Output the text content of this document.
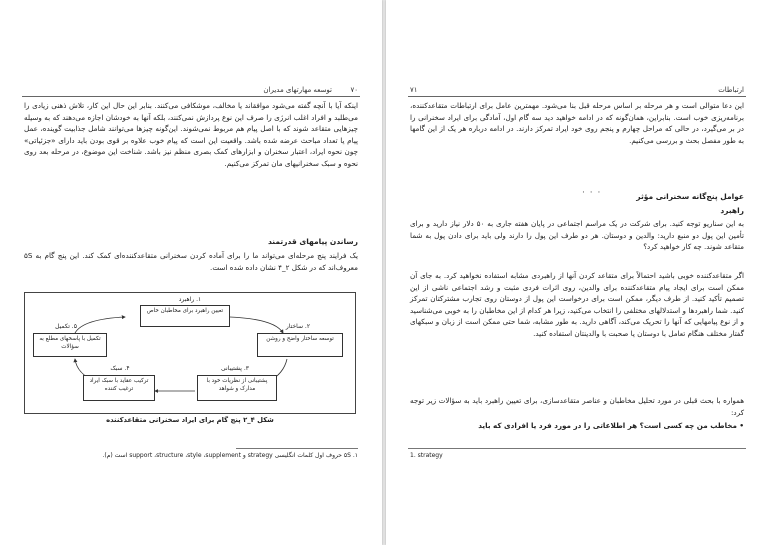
۷۰
توسعه مهارتهای مدیران
اینکه آیا با آنچه گفته می‌شود موافقاند یا مخالف، موشکافی می‌کنند. بنابر این حال این کار، تلاش ذهنی زیادی را می‌طلبد و افراد اغلب انرژی را صرف این نوع پردازش نمی‌کنند، بلکه آنها به خودشان اجازه می‌دهند که به وسیله چیزهایی متقاعد شوند که با اصل پیام هم مربوط نمی‌شوند. این‌گونه چیزها می‌توانند شامل جذابیت گوینده، عمل پیام یا تعداد مباحث عرضه شده باشد. واقعیت این است که پیام خوب علاوه بر قوی بودن باید دارای «جزئیاتی» چون نحوه ایراد، اعتبار سخنران و ابزارهای کمک بصری منظم نیز باشد. شناخت این موضوع، در مرحله بعد روی نحوه و سبک سخنرانیهای مان تمرکز می‌کنیم.
رساندن پیامهای قدرتمند
یک فرایند پنج مرحله‌ای می‌تواند ما را برای آماده کردن سخنرانی متقاعدکننده‌ای کمک کند. این پنج گام به ۵S معروف‌اند که در شکل ۲_۴ نشان داده شده است.
۱. راهبرد
تعیین راهبرد برای مخاطبان خاص
۲. ساختار
توسعه ساختار واضح و روشن
۳. پشتیبانی
پشتیبانی از نظریات خود با مدارک و شواهد
۴. سبک
ترکیب عقاید با سبک ایراد ترغیب کننده
۵. تکمیل
تکمیل با پاسخهای مطلع به سؤالات
شکل ۴_۲ پنج گام برای ایراد سخنرانی متقاعدکننده
۱. ۵S حروف اول کلمات انگلیسی strategy و support ،structure ،style ،supplement است (م).
۷۱	ارتباطات
این دعا متوالی است و هر مرحله بر اساس مرحله قبل بنا می‌شود. مهمترین عامل برای ارتباطات متقاعدکننده، برنامه‌ریزی خوب است. بنابراین، همان‌گونه که در ادامه خواهید دید سه گام اول، آمادگی برای ایراد سخنرانی را در بر می‌گیرد، در حالی که مراحل چهارم و پنجم روی خود ایراد تمرکز دارند. در ادامه درباره هر یک از این گامها به طور مفصل بحث و بررسی می‌کنیم.
عوامل پنج‌گانه سخنرانی مؤثر
راهبرد
· · ·
به این سناریو توجه کنید. برای شرکت در یک مراسم اجتماعی در پایان هفته جاری به ۵۰ دلار نیاز دارید و برای تأمین این پول دو منبع دارید: والدین و دوستان. هر دو طرف این پول را دارند ولی باید برای دادن پول به شما متقاعد شوند. چه کار خواهید کرد؟
اگر متقاعدکننده خوبی باشید احتمالاً برای متقاعد کردن آنها از راهبردی مشابه استفاده نخواهید کرد. به جای آن ممکن است برای ایجاد پیام متقاعدکننده برای والدین، روی اثرات فردی مثبت و رشد اجتماعی ناشی از این تصمیم تأکید کنید. از طرف دیگر، ممکن است برای درخواست این پول از دوستان روی تجارب مشترکتان تمرکز کنید. شما راهبردها و استدلالهای مختلفی را انتخاب می‌کنید، زیرا هر کدام از این مخاطبان را به خوبی می‌شناسید و از نوع پیامهایی که آنها را تحریک می‌کند، آگاهی دارید. به طور مشابه، شما حتی ممکن است از زبان و سبکهای گفتار مختلف هنگام تعامل با دوستان یا صحبت با والدینتان استفاده کنید.
همواره با بحث قبلی در مورد تحلیل مخاطبان و عناصر متقاعدسازی، برای تعیین راهبرد باید به سؤالات زیر توجه کرد:
• مخاطب من چه کسی است؟ هر اطلاعاتی را در مورد فرد یا افرادی که باید
1. strategy
